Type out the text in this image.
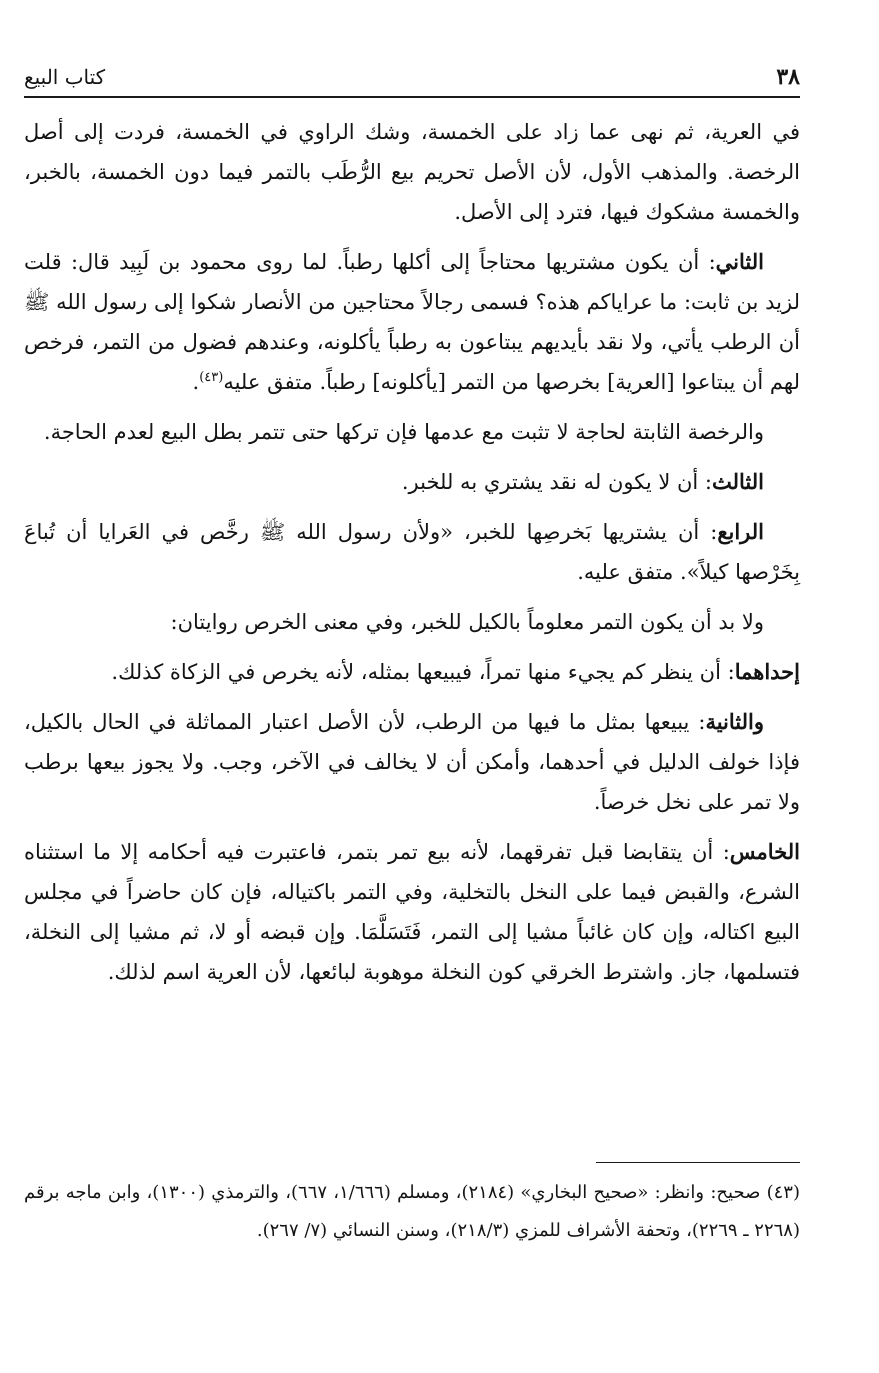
٣٨
كتاب البيع

في العرية، ثم نهى عما زاد على الخمسة، وشك الراوي في الخمسة، فردت إلى أصل الرخصة. والمذهب الأول، لأن الأصل تحريم بيع الرُّطَب بالتمر فيما دون الخمسة، بالخبر، والخمسة مشكوك فيها، فترد إلى الأصل.

الثاني: أن يكون مشتريها محتاجاً إلى أكلها رطباً. لما روى محمود بن لَبِيد قال: قلت لزيد بن ثابت: ما عراياكم هذه؟ فسمى رجالاً محتاجين من الأنصار شكوا إلى رسول الله ﷺ أن الرطب يأتي، ولا نقد بأيديهم يبتاعون به رطباً يأكلونه، وعندهم فضول من التمر، فرخص لهم أن يبتاعوا [العرية] بخرصها من التمر [يأكلونه] رطباً. متفق عليه$^{(٤٣)}$.

والرخصة الثابتة لحاجة لا تثبت مع عدمها فإن تركها حتى تتمر بطل البيع لعدم الحاجة.

الثالث: أن لا يكون له نقد يشتري به للخبر.

الرابع: أن يشتريها بَخرصِها للخبر، «ولأن رسول الله ﷺ رخَّص في العَرايا أن تُباعَ بِخَرْصها كيلاً». متفق عليه.

ولا بد أن يكون التمر معلوماً بالكيل للخبر، وفي معنى الخرص روايتان:

إحداهما: أن ينظر كم يجيء منها تمراً، فيبيعها بمثله، لأنه يخرص في الزكاة كذلك.

والثانية: يبيعها بمثل ما فيها من الرطب، لأن الأصل اعتبار المماثلة في الحال بالكيل، فإذا خولف الدليل في أحدهما، وأمكن أن لا يخالف في الآخر، وجب. ولا يجوز بيعها برطب ولا تمر على نخل خرصاً.

الخامس: أن يتقابضا قبل تفرقهما، لأنه بيع تمر بتمر، فاعتبرت فيه أحكامه إلا ما استثناه الشرع، والقبض فيما على النخل بالتخلية، وفي التمر باكتياله، فإن كان حاضراً في مجلس البيع اكتاله، وإن كان غائباً مشيا إلى التمر، فَتَسَلَّمَا. وإن قبضه أو لا، ثم مشيا إلى النخلة، فتسلمها، جاز. واشترط الخرقي كون النخلة موهوبة لبائعها، لأن العرية اسم لذلك.

(٤٣) صحيح: وانظر: «صحيح البخاري» (٢١٨٤)، ومسلم (١/٦٦٦، ٦٦٧)، والترمذي (١٣٠٠)، وابن ماجه برقم (٢٢٦٨ ـ ٢٢٦٩)، وتحفة الأشراف للمزي (٢١٨/٣)، وسنن النسائي (٧/ ٢٦٧).
